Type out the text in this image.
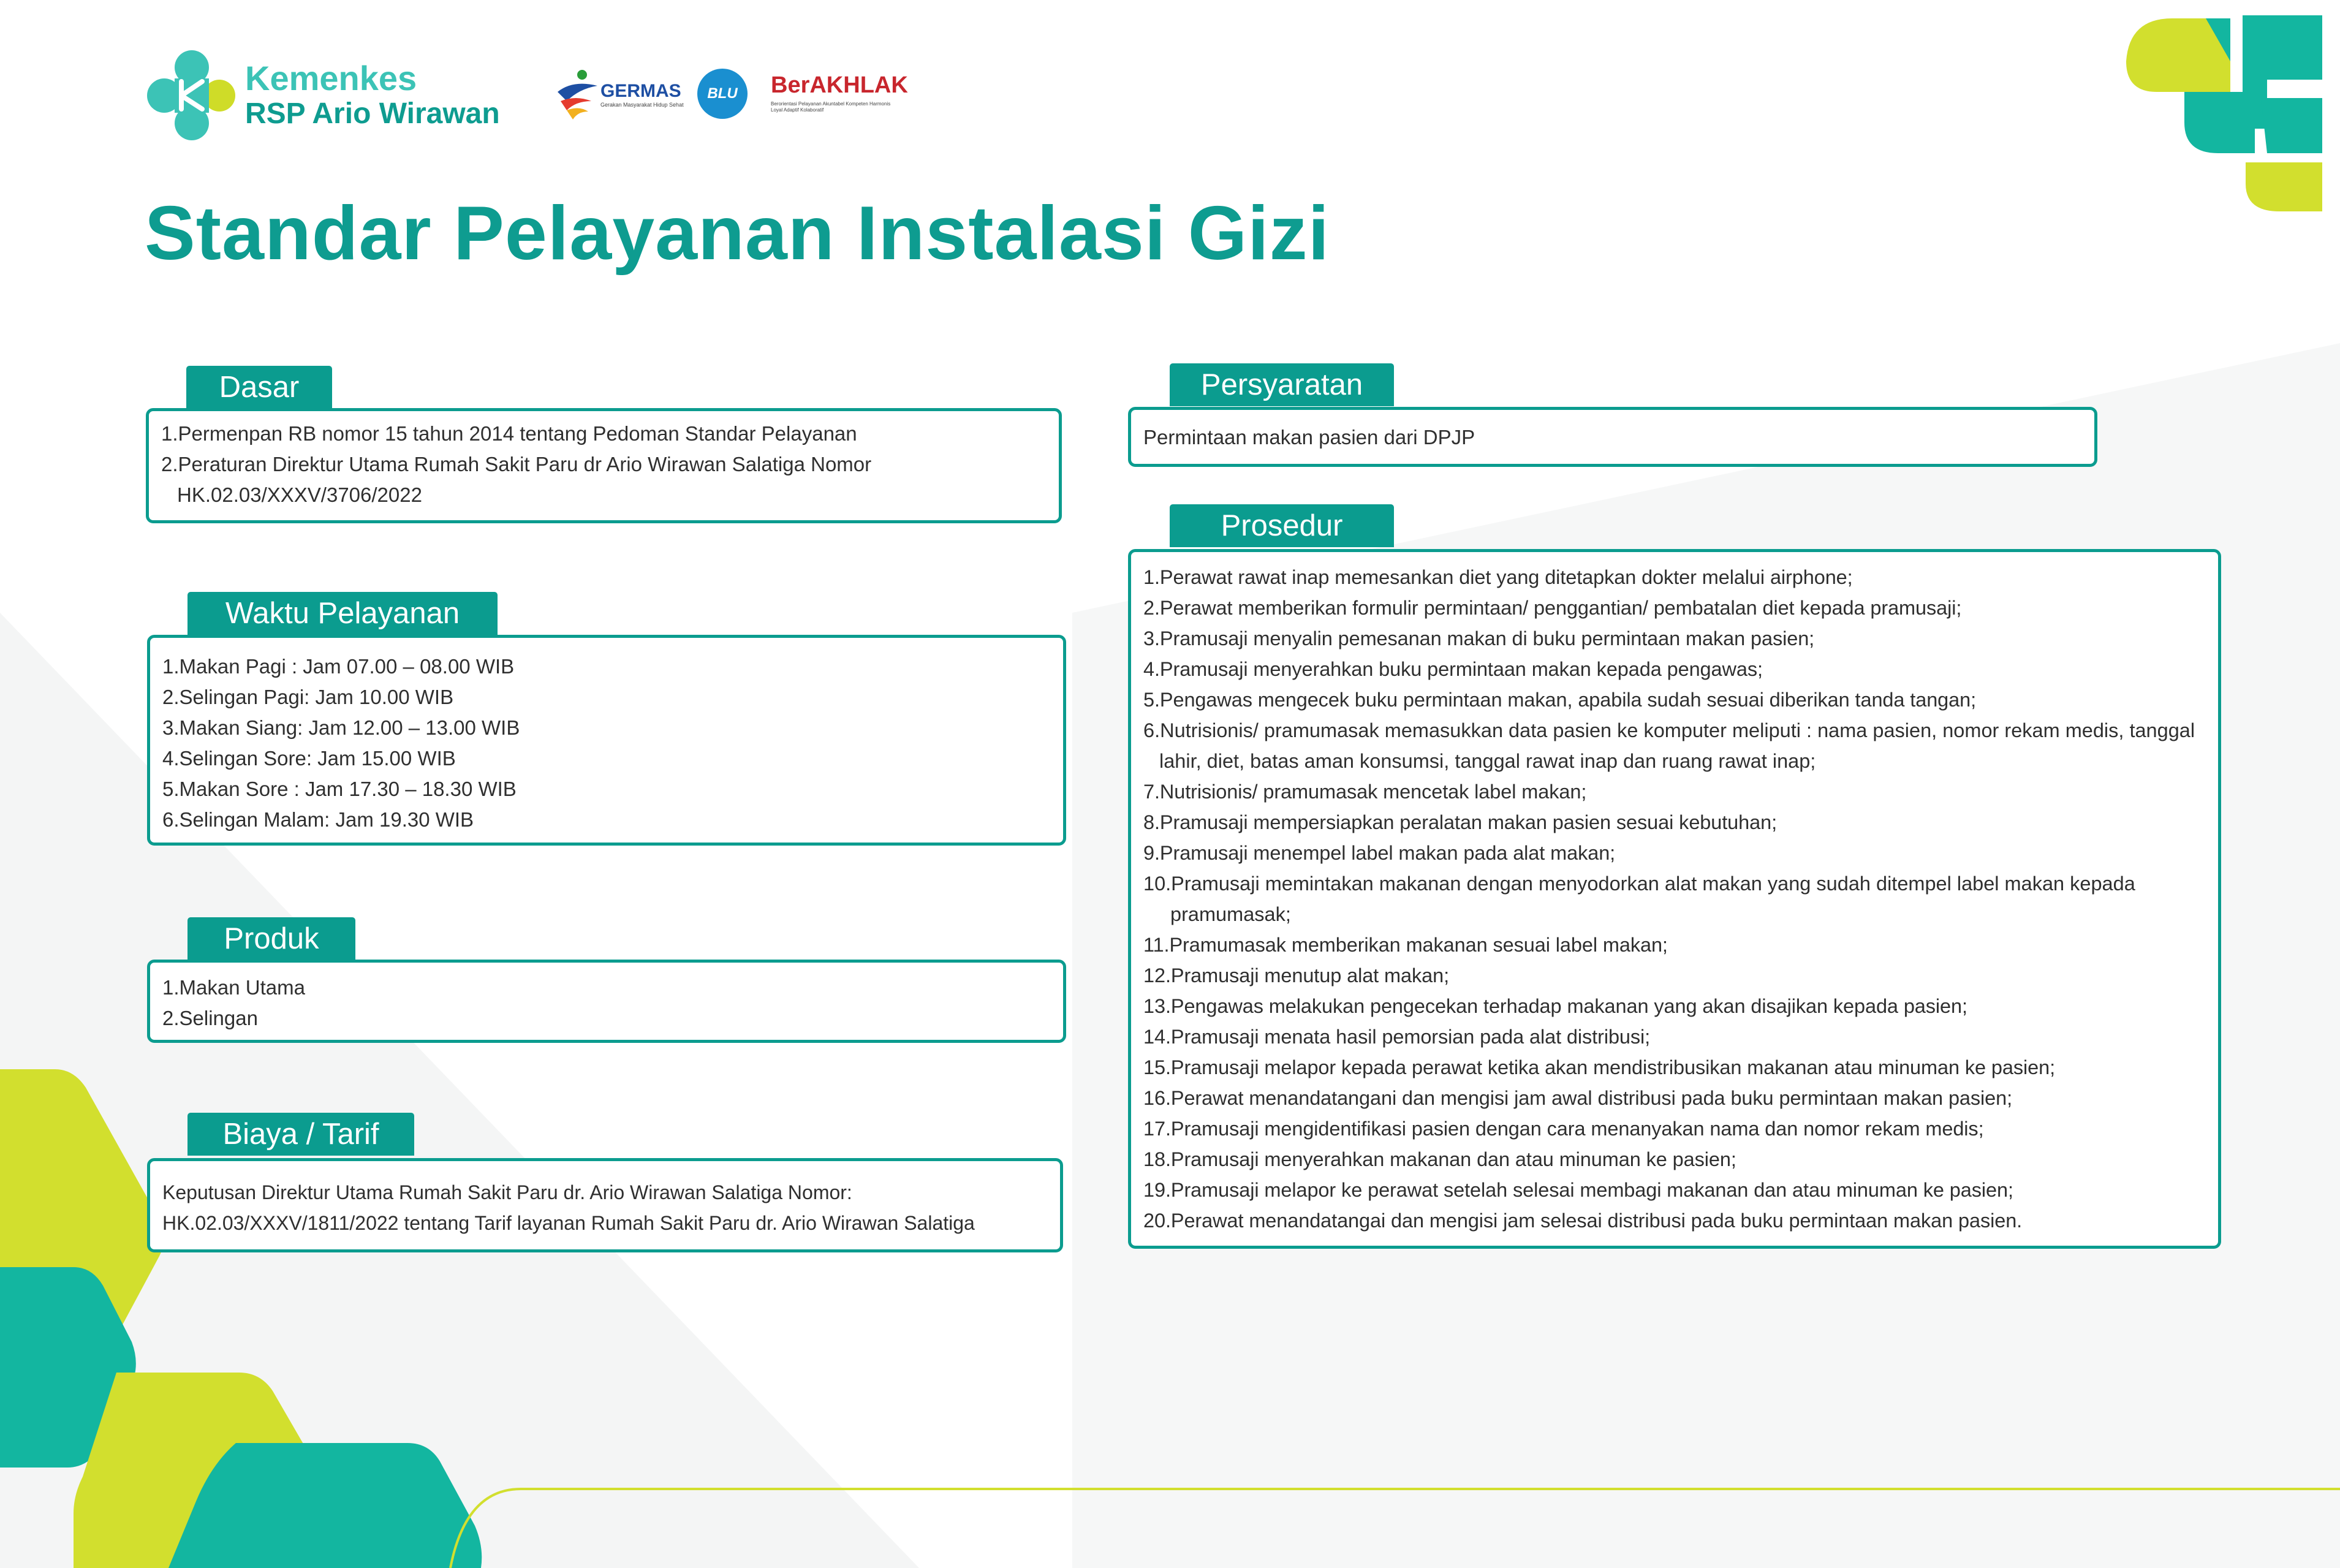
Kemenkes
RSP Ario Wirawan
GERMAS
Gerakan Masyarakat Hidup Sehat
BLU	BerAKHLAK
Berorientasi Pelayanan Akuntabel Kompeten Harmonis Loyal Adaptif Kolaboratif
Standar Pelayanan Instalasi Gizi
Dasar
1.Permenpan RB nomor 15 tahun 2014 tentang Pedoman Standar Pelayanan
2.Peraturan Direktur Utama Rumah Sakit Paru dr Ario Wirawan Salatiga Nomor HK.02.03/XXXV/3706/2022
Waktu Pelayanan
1.Makan Pagi : Jam 07.00 – 08.00 WIB
2.Selingan Pagi: Jam 10.00 WIB
3.Makan Siang: Jam 12.00 – 13.00 WIB
4.Selingan Sore: Jam 15.00 WIB
5.Makan Sore : Jam 17.30 – 18.30 WIB
6.Selingan Malam: Jam 19.30 WIB
Produk
1.Makan Utama
2.Selingan
Biaya / Tarif
Keputusan Direktur Utama Rumah Sakit Paru dr. Ario Wirawan Salatiga Nomor:
HK.02.03/XXXV/1811/2022 tentang Tarif layanan Rumah Sakit Paru dr. Ario Wirawan Salatiga
Persyaratan
Permintaan makan pasien dari DPJP
Prosedur
1.Perawat rawat inap memesankan diet yang ditetapkan dokter melalui airphone;
2.Perawat memberikan formulir permintaan/ penggantian/ pembatalan diet kepada pramusaji;
3.Pramusaji menyalin pemesanan makan di buku permintaan makan pasien;
4.Pramusaji menyerahkan buku permintaan makan kepada pengawas;
5.Pengawas mengecek buku permintaan makan, apabila sudah sesuai diberikan tanda tangan;
6.Nutrisionis/ pramumasak memasukkan data pasien ke komputer meliputi : nama pasien, nomor rekam medis, tanggal lahir, diet, batas aman konsumsi, tanggal rawat inap dan ruang rawat inap;
7.Nutrisionis/ pramumasak mencetak label makan;
8.Pramusaji mempersiapkan peralatan makan pasien sesuai kebutuhan;
9.Pramusaji menempel label makan pada alat makan;
10.Pramusaji memintakan makanan dengan menyodorkan alat makan yang sudah ditempel label makan kepada pramumasak;
11.Pramumasak memberikan makanan sesuai label makan;
12.Pramusaji menutup alat makan;
13.Pengawas melakukan pengecekan terhadap makanan yang akan disajikan kepada pasien;
14.Pramusaji menata hasil pemorsian pada alat distribusi;
15.Pramusaji melapor kepada perawat ketika akan mendistribusikan makanan atau minuman ke pasien;
16.Perawat menandatangani dan mengisi jam awal distribusi pada buku permintaan makan pasien;
17.Pramusaji mengidentifikasi pasien dengan cara menanyakan nama dan nomor rekam medis;
18.Pramusaji menyerahkan makanan dan atau minuman ke pasien;
19.Pramusaji melapor ke perawat setelah selesai membagi makanan dan atau minuman ke pasien;
20.Perawat menandatangai dan mengisi jam selesai distribusi pada buku permintaan makan pasien.
